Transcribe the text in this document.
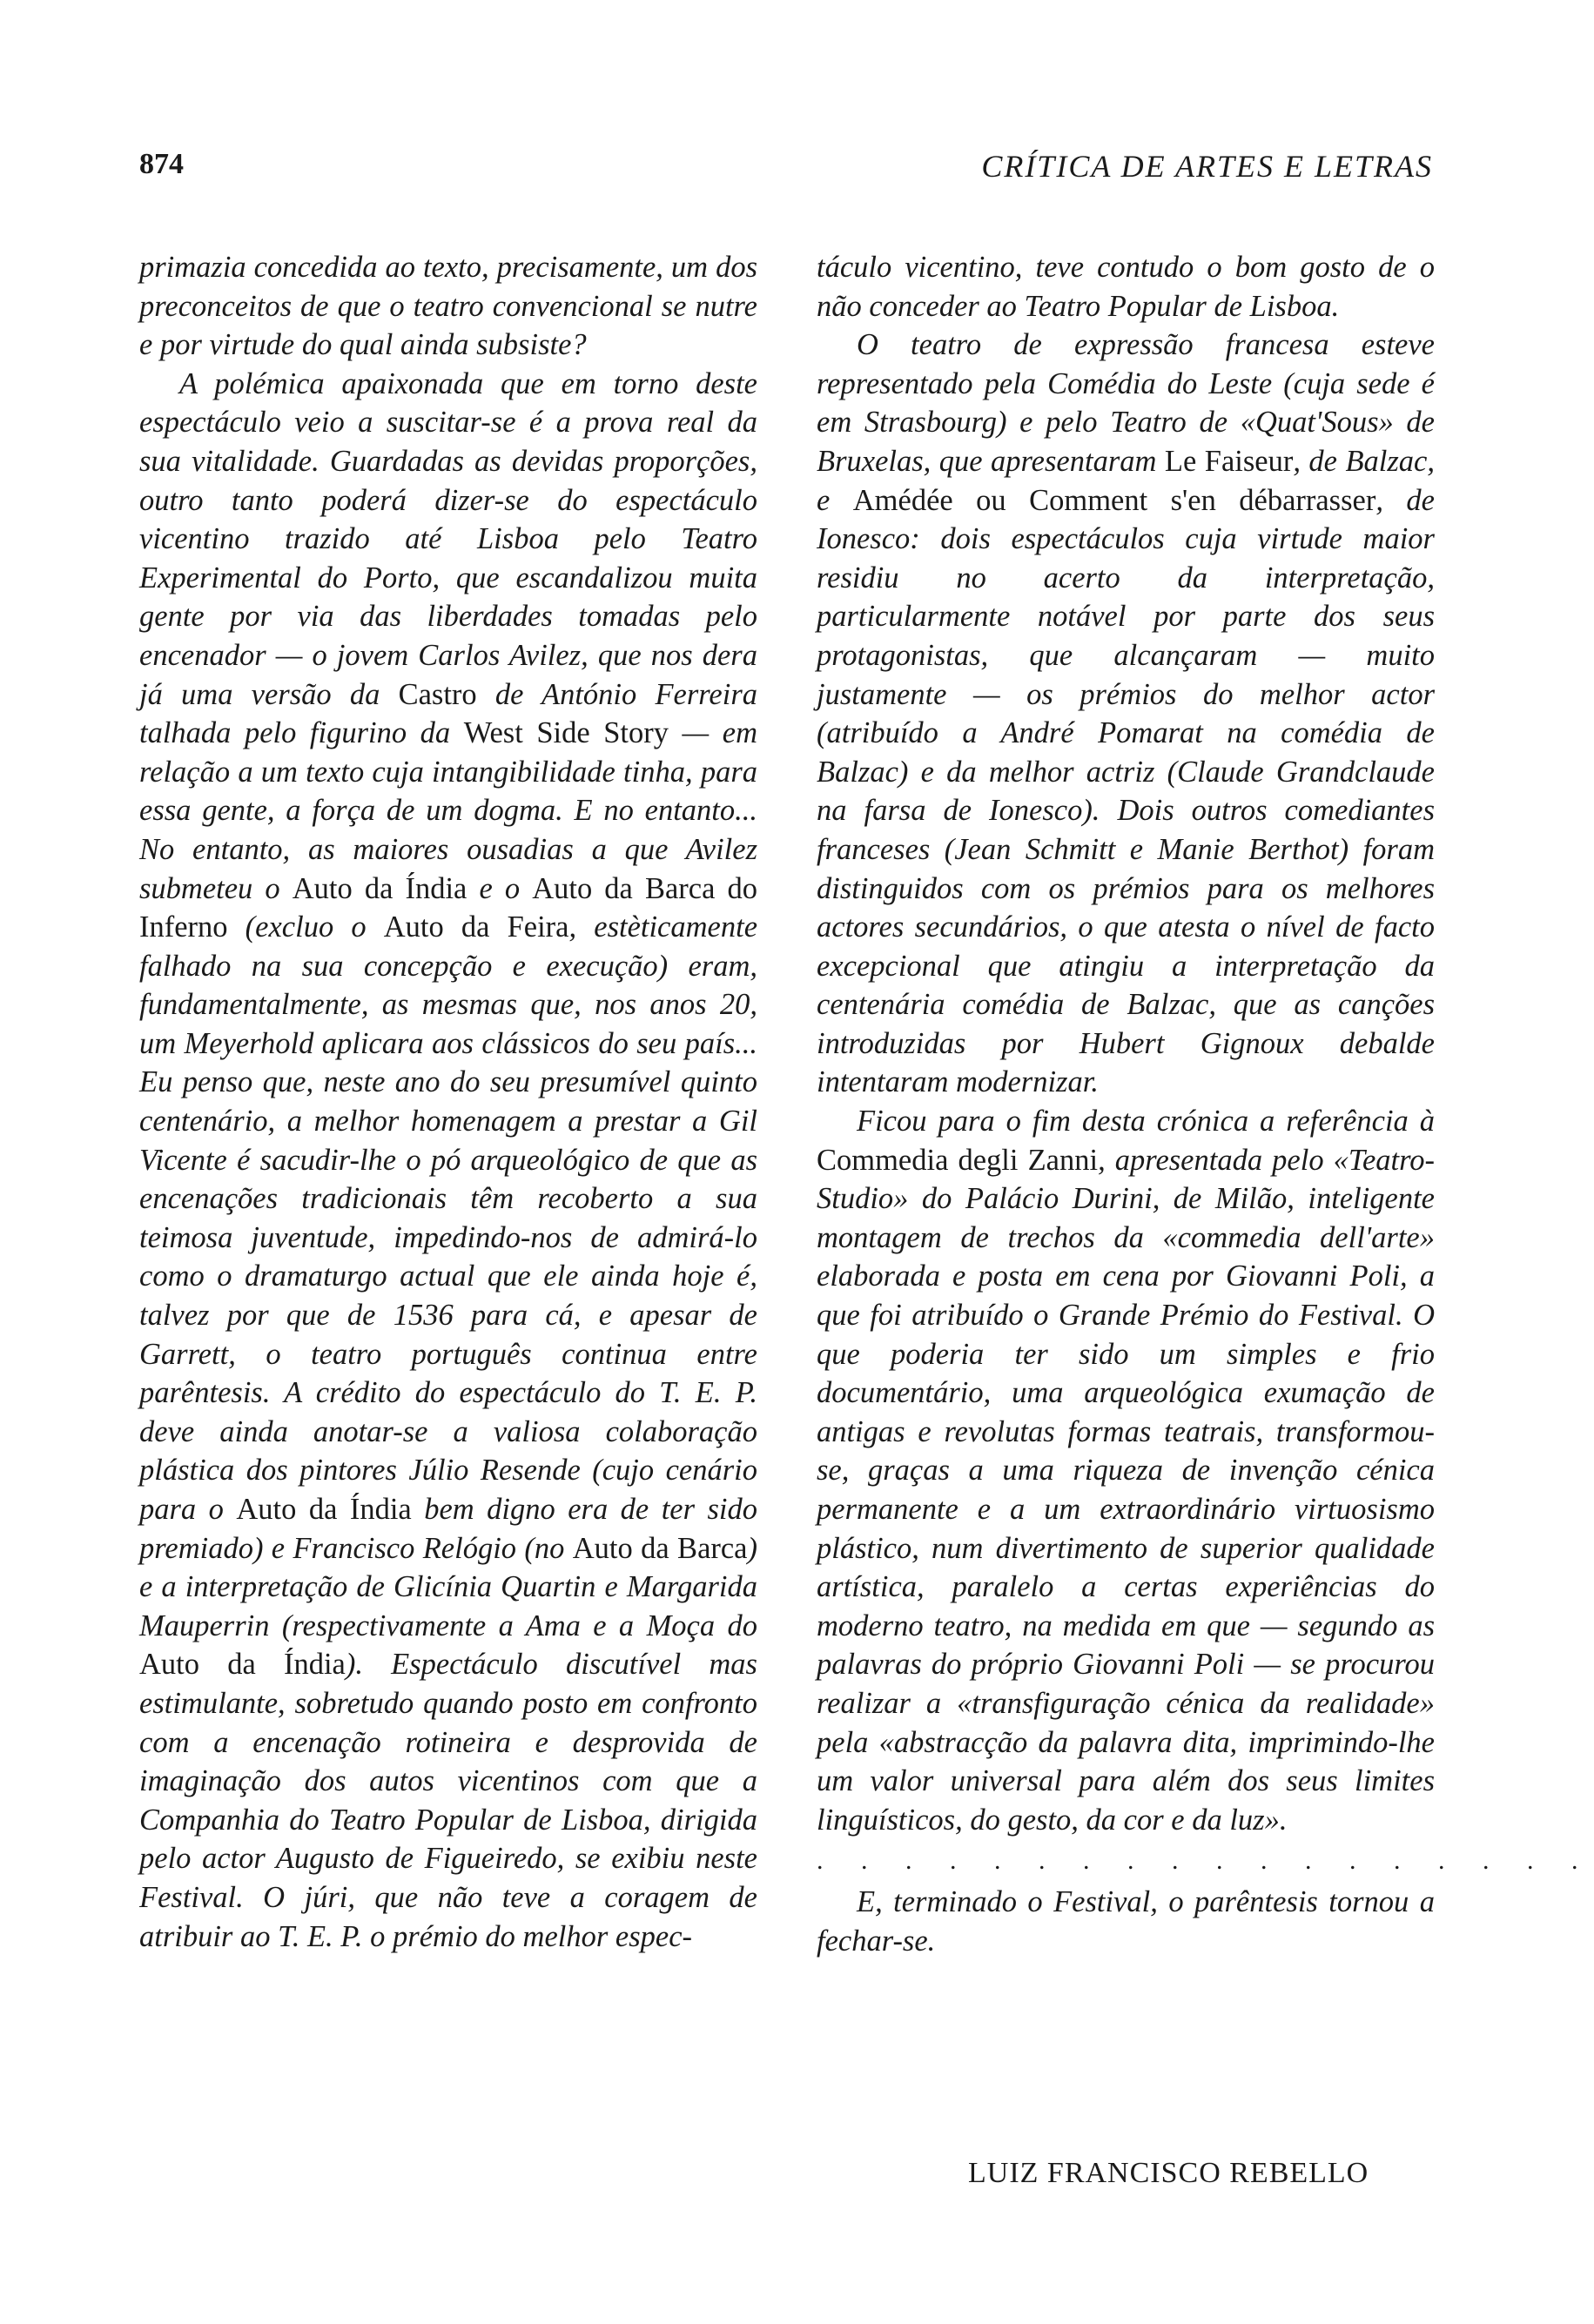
874	CRÍTICA DE ARTES E LETRAS

primazia concedida ao texto, precisamente, um dos preconceitos de que o teatro convencional se nutre e por virtude do qual ainda subsiste?

A polémica apaixonada que em torno deste espectáculo veio a suscitar-se é a prova real da sua vitalidade. Guardadas as devidas proporções, outro tanto poderá dizer-se do espectáculo vicentino trazido até Lisboa pelo Teatro Experimental do Porto, que escandalizou muita gente por via das liberdades tomadas pelo encenador — o jovem Carlos Avilez, que nos dera já uma versão da Castro de António Ferreira talhada pelo figurino da West Side Story — em relação a um texto cuja intangibilidade tinha, para essa gente, a força de um dogma. E no entanto... No entanto, as maiores ousadias a que Avilez submeteu o Auto da Índia e o Auto da Barca do Inferno (excluo o Auto da Feira, estèticamente falhado na sua concepção e execução) eram, fundamentalmente, as mesmas que, nos anos 20, um Meyerhold aplicara aos clássicos do seu país... Eu penso que, neste ano do seu presumível quinto centenário, a melhor homenagem a prestar a Gil Vicente é sacudir-lhe o pó arqueológico de que as encenações tradicionais têm recoberto a sua teimosa juventude, impedindo-nos de admirá-lo como o dramaturgo actual que ele ainda hoje é, talvez por que de 1536 para cá, e apesar de Garrett, o teatro português continua entre parêntesis. A crédito do espectáculo do T. E. P. deve ainda anotar-se a valiosa colaboração plástica dos pintores Júlio Resende (cujo cenário para o Auto da Índia bem digno era de ter sido premiado) e Francisco Relógio (no Auto da Barca) e a interpretação de Glicínia Quartin e Margarida Mauperrin (respectivamente a Ama e a Moça do Auto da Índia). Espectáculo discutível mas estimulante, sobretudo quando posto em confronto com a encenação rotineira e desprovida de imaginação dos autos vicentinos com que a Companhia do Teatro Popular de Lisboa, dirigida pelo actor Augusto de Figueiredo, se exibiu neste Festival. O júri, que não teve a coragem de atribuir ao T. E. P. o prémio do melhor espec-

táculo vicentino, teve contudo o bom gosto de o não conceder ao Teatro Popular de Lisboa.

O teatro de expressão francesa esteve representado pela Comédia do Leste (cuja sede é em Strasbourg) e pelo Teatro de «Quat'Sous» de Bruxelas, que apresentaram Le Faiseur, de Balzac, e Amédée ou Comment s'en débarrasser, de Ionesco: dois espectáculos cuja virtude maior residiu no acerto da interpretação, particularmente notável por parte dos seus protagonistas, que alcançaram — muito justamente — os prémios do melhor actor (atribuído a André Pomarat na comédia de Balzac) e da melhor actriz (Claude Grandclaude na farsa de Ionesco). Dois outros comediantes franceses (Jean Schmitt e Manie Berthot) foram distinguidos com os prémios para os melhores actores secundários, o que atesta o nível de facto excepcional que atingiu a interpretação da centenária comédia de Balzac, que as canções introduzidas por Hubert Gignoux debalde intentaram modernizar.

Ficou para o fim desta crónica a referência à Commedia degli Zanni, apresentada pelo «Teatro-Studio» do Palácio Durini, de Milão, inteligente montagem de trechos da «commedia dell'arte» elaborada e posta em cena por Giovanni Poli, a que foi atribuído o Grande Prémio do Festival. O que poderia ter sido um simples e frio documentário, uma arqueológica exumação de antigas e revolutas formas teatrais, transformou-se, graças a uma riqueza de invenção cénica permanente e a um extraordinário virtuosismo plástico, num divertimento de superior qualidade artística, paralelo a certas experiências do moderno teatro, na medida em que — segundo as palavras do próprio Giovanni Poli — se procurou realizar a «transfiguração cénica da realidade» pela «abstracção da palavra dita, imprimindo-lhe um valor universal para além dos seus limites linguísticos, do gesto, da cor e da luz».

. . . . . . . . . . . . . . . . . .

E, terminado o Festival, o parêntesis tornou a fechar-se.

LUIZ FRANCISCO REBELLO
